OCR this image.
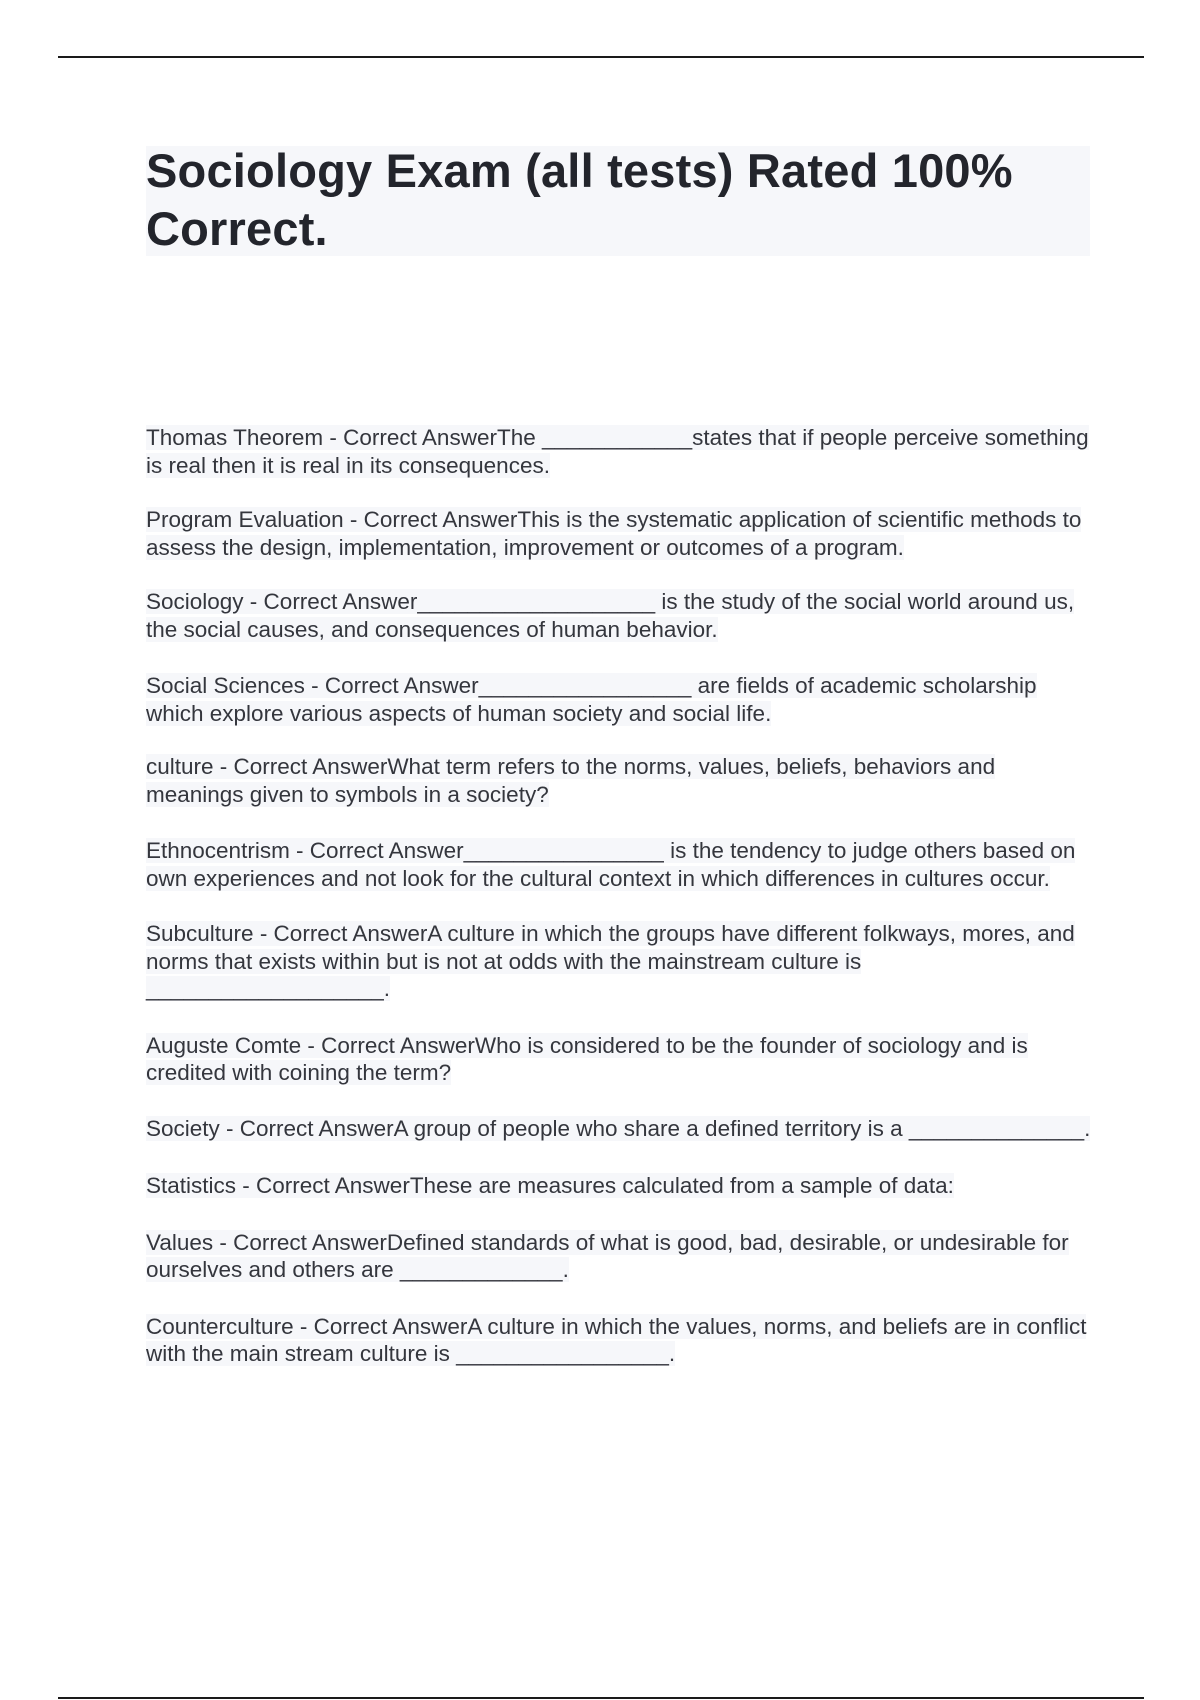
Sociology Exam (all tests) Rated 100% Correct.

Thomas Theorem - Correct AnswerThe ____________states that if people perceive something is real then it is real in its consequences.

Program Evaluation - Correct AnswerThis is the systematic application of scientific methods to assess the design, implementation, improvement or outcomes of a program.

Sociology - Correct Answer___________________ is the study of the social world around us, the social causes, and consequences of human behavior.

Social Sciences - Correct Answer_________________ are fields of academic scholarship which explore various aspects of human society and social life.

culture - Correct AnswerWhat term refers to the norms, values, beliefs, behaviors and meanings given to symbols in a society?

Ethnocentrism - Correct Answer________________ is the tendency to judge others based on own experiences and not look for the cultural context in which differences in cultures occur.

Subculture - Correct AnswerA culture in which the groups have different folkways, mores, and norms that exists within but is not at odds with the mainstream culture is ___________________.

Auguste Comte - Correct AnswerWho is considered to be the founder of sociology and is credited with coining the term?

Society - Correct AnswerA group of people who share a defined territory is a ______________.

Statistics - Correct AnswerThese are measures calculated from a sample of data:

Values - Correct AnswerDefined standards of what is good, bad, desirable, or undesirable for ourselves and others are _____________.

Counterculture - Correct AnswerA culture in which the values, norms, and beliefs are in conflict with the main stream culture is _________________.
